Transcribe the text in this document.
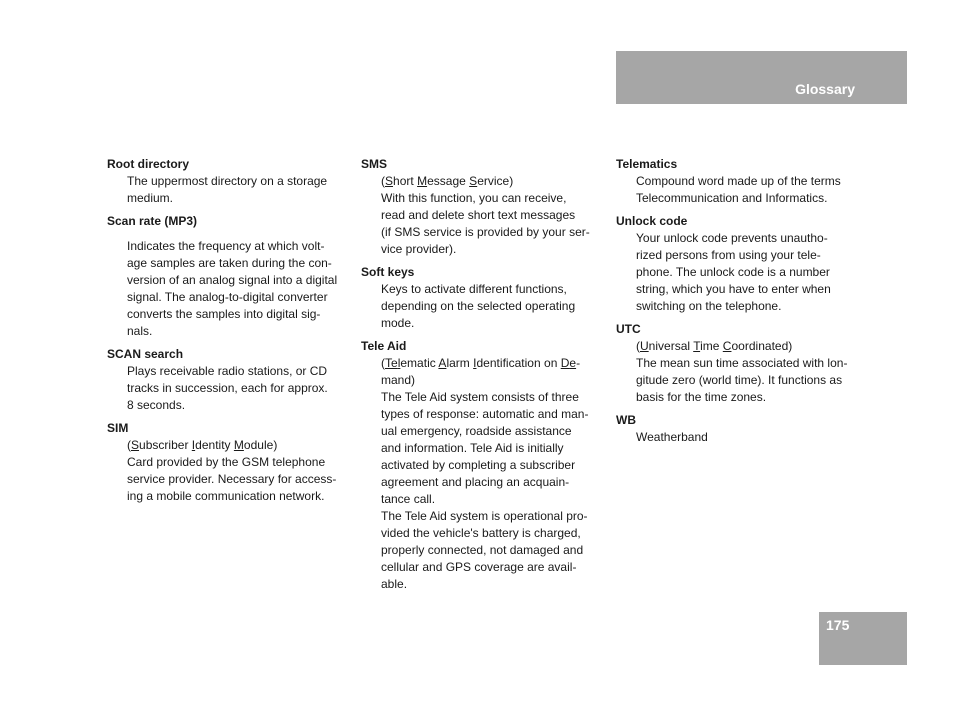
Glossary
Root directory

The uppermost directory on a storage

medium.

Scan rate (MP3)

Indicates the frequency at which volt-

age samples are taken during the con-

version of an analog signal into a digital

signal. The analog-to-digital converter

converts the samples into digital sig-

nals.

SCAN search

Plays receivable radio stations, or CD

tracks in succession, each for approx.

8 seconds.

SIM

(Subscriber Identity Module)

Card provided by the GSM telephone

service provider. Necessary for access-

ing a mobile communication network.

SMS

(Short Message Service)

With this function, you can receive,

read and delete short text messages

(if SMS service is provided by your ser-

vice provider).

Soft keys

Keys to activate different functions,

depending on the selected operating

mode.

Tele Aid

(Telematic Alarm Identification on De-

mand)

The Tele Aid system consists of three

types of response: automatic and man-

ual emergency, roadside assistance

and information. Tele Aid is initially

activated by completing a subscriber

agreement and placing an acquain-

tance call.

The Tele Aid system is operational pro-

vided the vehicle's battery is charged,

properly connected, not damaged and

cellular and GPS coverage are avail-

able.

Telematics

Compound word made up of the terms

Telecommunication and Informatics.

Unlock code

Your unlock code prevents unautho-

rized persons from using your tele-

phone. The unlock code is a number

string, which you have to enter when

switching on the telephone.

UTC

(Universal Time Coordinated)

The mean sun time associated with lon-

gitude zero (world time). It functions as

basis for the time zones.

WB

Weatherband

175
